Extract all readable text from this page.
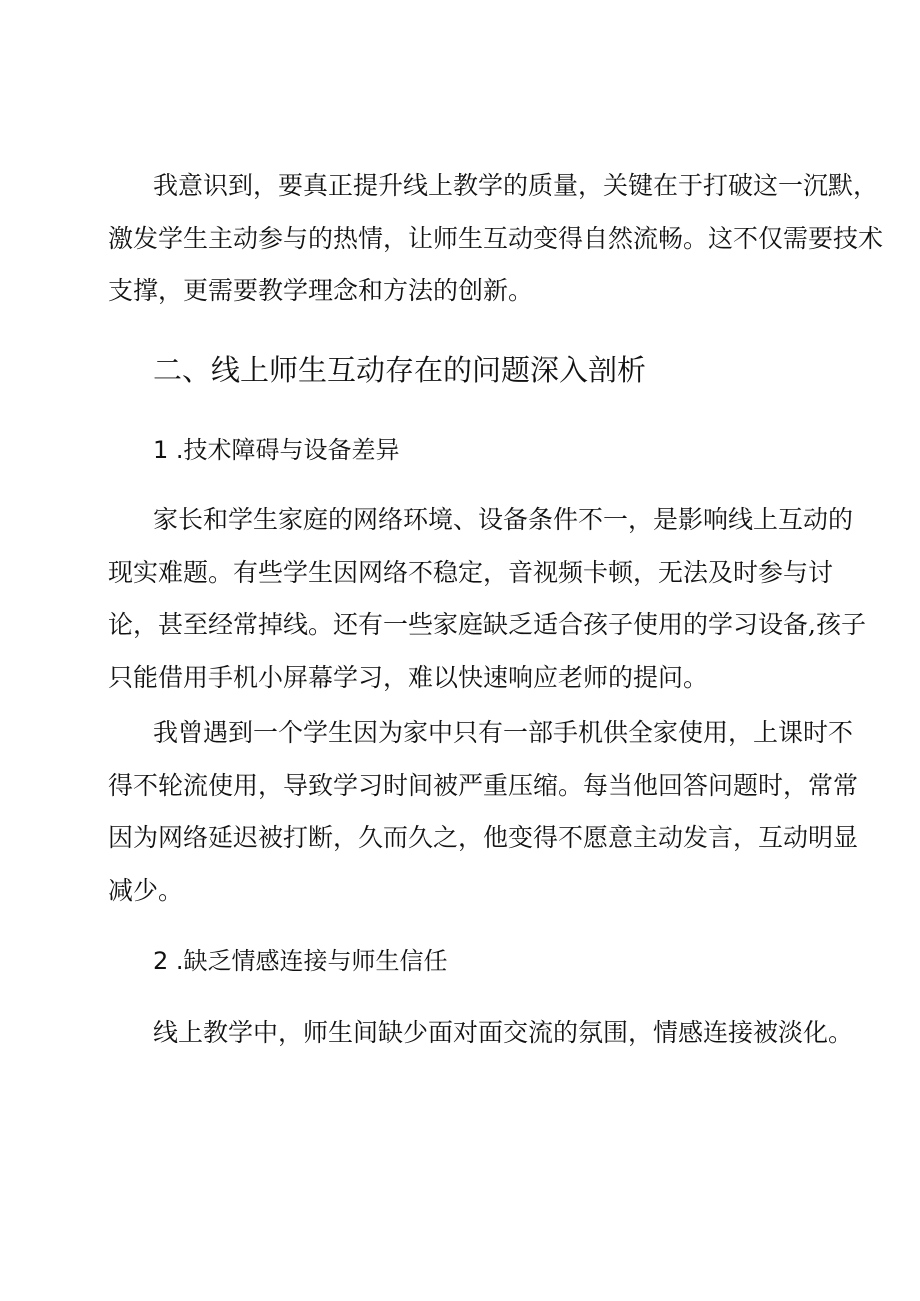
我意识到，要真正提升线上教学的质量，关键在于打破这一沉默，
激发学生主动参与的热情，让师生互动变得自然流畅。这不仅需要技术
支撑，更需要教学理念和方法的创新。

二、线上师生互动存在的问题深入剖析
1 .技术障碍与设备差异

家长和学生家庭的网络环境、设备条件不一，是影响线上互动的
现实难题。有些学生因网络不稳定，音视频卡顿，无法及时参与讨
论，甚至经常掉线。还有一些家庭缺乏适合孩子使用的学习设备,孩子
只能借用手机小屏幕学习，难以快速响应老师的提问。

我曾遇到一个学生因为家中只有一部手机供全家使用，上课时不
得不轮流使用，导致学习时间被严重压缩。每当他回答问题时，常常
因为网络延迟被打断，久而久之，他变得不愿意主动发言，互动明显
减少。

2 .缺乏情感连接与师生信任

线上教学中，师生间缺少面对面交流的氛围，情感连接被淡化。
